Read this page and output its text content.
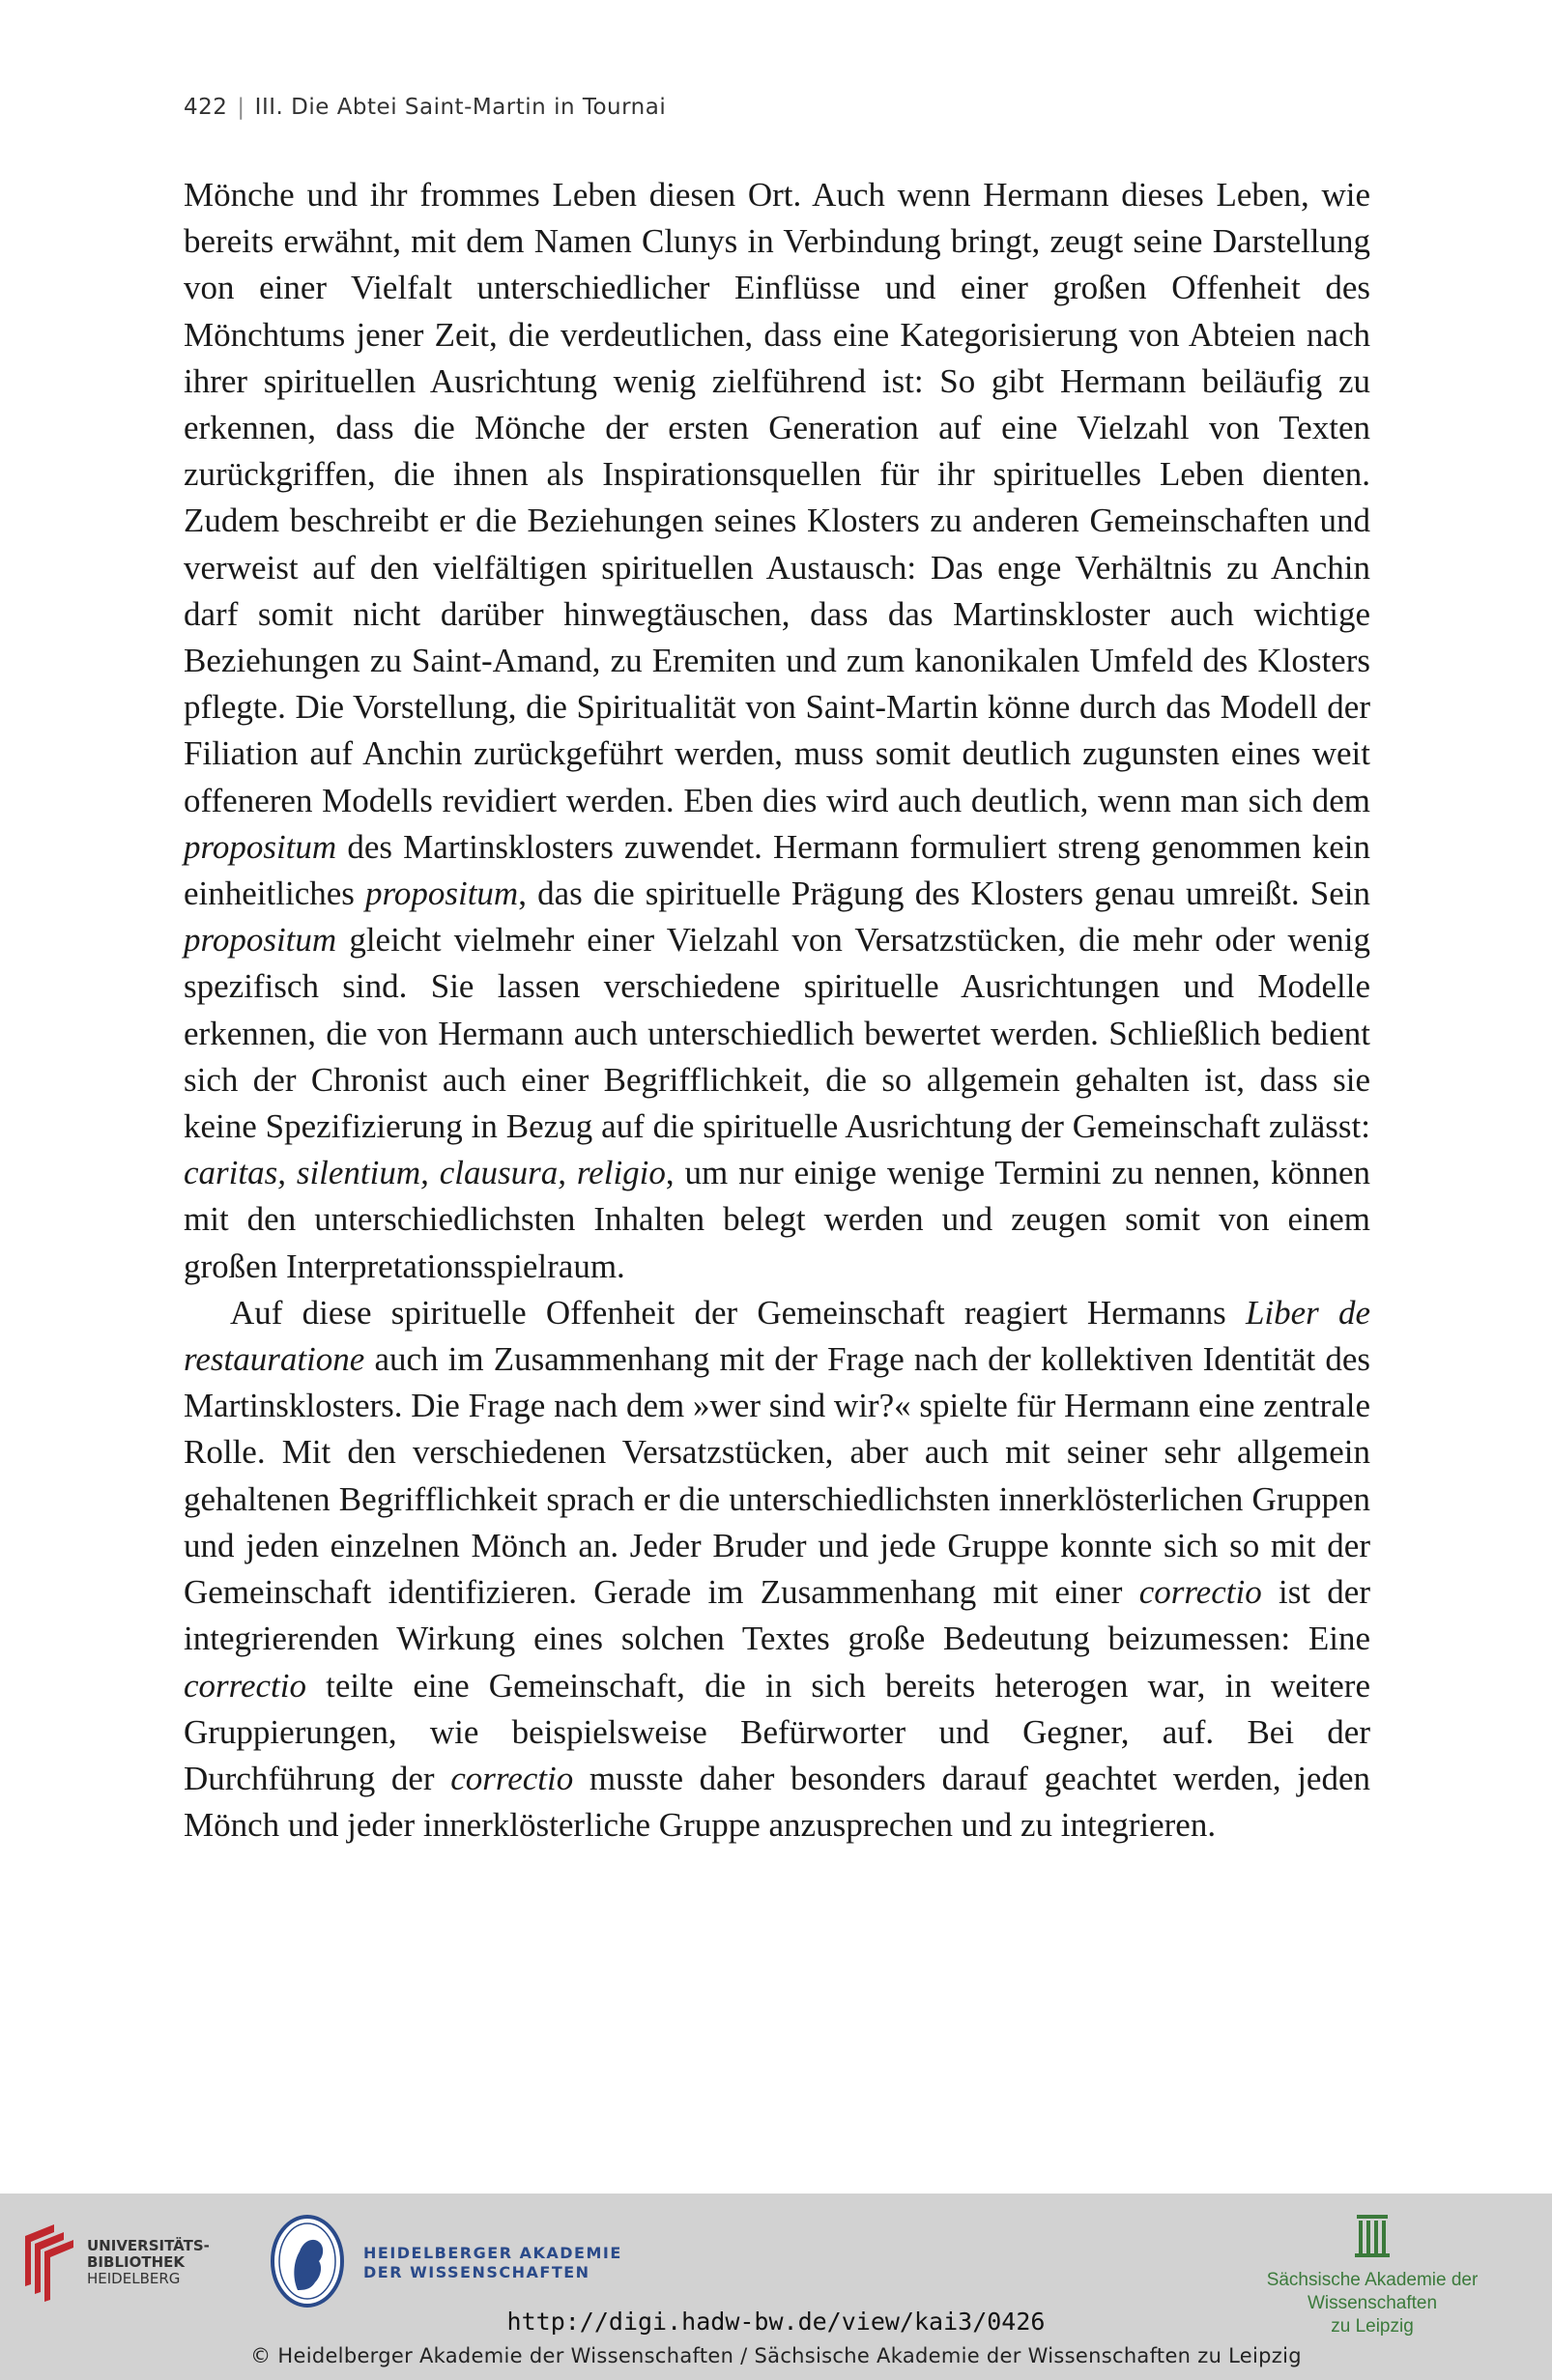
422 | III. Die Abtei Saint-Martin in Tournai

Mönche und ihr frommes Leben diesen Ort. Auch wenn Hermann dieses Leben, wie bereits erwähnt, mit dem Namen Clunys in Verbindung bringt, zeugt seine Darstellung von einer Vielfalt unterschiedlicher Einflüsse und einer großen Offenheit des Mönchtums jener Zeit, die verdeutlichen, dass eine Kategorisierung von Abteien nach ihrer spirituellen Ausrichtung wenig zielführend ist: So gibt Hermann beiläufig zu erkennen, dass die Mönche der ersten Generation auf eine Vielzahl von Texten zurückgriffen, die ihnen als Inspirationsquellen für ihr spirituelles Leben dienten. Zudem beschreibt er die Beziehungen seines Klosters zu anderen Gemeinschaften und verweist auf den vielfältigen spirituellen Austausch: Das enge Verhältnis zu Anchin darf somit nicht darüber hinwegtäuschen, dass das Martinskloster auch wichtige Beziehungen zu Saint-Amand, zu Eremiten und zum kanonikalen Umfeld des Klosters pflegte. Die Vorstellung, die Spiritualität von Saint-Martin könne durch das Modell der Filiation auf Anchin zurückgeführt werden, muss somit deutlich zugunsten eines weit offeneren Modells revidiert werden. Eben dies wird auch deutlich, wenn man sich dem propositum des Martinsklosters zuwendet. Hermann formuliert streng genommen kein einheitliches propositum, das die spirituelle Prägung des Klosters genau umreißt. Sein propositum gleicht vielmehr einer Vielzahl von Versatzstücken, die mehr oder wenig spezifisch sind. Sie lassen verschiedene spirituelle Ausrichtungen und Modelle erkennen, die von Hermann auch unterschiedlich bewertet werden. Schließlich bedient sich der Chronist auch einer Begrifflichkeit, die so allgemein gehalten ist, dass sie keine Spezifizierung in Bezug auf die spirituelle Ausrichtung der Gemeinschaft zulässt: caritas, silentium, clausura, religio, um nur einige wenige Termini zu nennen, können mit den unterschiedlichsten Inhalten belegt werden und zeugen somit von einem großen Interpretationsspielraum.

Auf diese spirituelle Offenheit der Gemeinschaft reagiert Hermanns Liber de restauratione auch im Zusammenhang mit der Frage nach der kollektiven Identität des Martinsklosters. Die Frage nach dem »wer sind wir?« spielte für Hermann eine zentrale Rolle. Mit den verschiedenen Versatzstücken, aber auch mit seiner sehr allgemein gehaltenen Begrifflichkeit sprach er die unterschiedlichsten innerklösterlichen Gruppen und jeden einzelnen Mönch an. Jeder Bruder und jede Gruppe konnte sich so mit der Gemeinschaft identifizieren. Gerade im Zusammenhang mit einer correctio ist der integrierenden Wirkung eines solchen Textes große Bedeutung beizumessen: Eine correctio teilte eine Gemeinschaft, die in sich bereits heterogen war, in weitere Gruppierungen, wie beispielsweise Befürworter und Gegner, auf. Bei der Durchführung der correctio musste daher besonders darauf geachtet werden, jeden Mönch und jeder innerklösterliche Gruppe anzusprechen und zu integrieren.

UNIVERSITÄTS-
BIBLIOTHEK
HEIDELBERG
HEIDELBERGER AKADEMIE
DER WISSENSCHAFTEN	Sächsische Akademie der Wissenschaften
zu Leipzig
http://digi.hadw-bw.de/view/kai3/0426
© Heidelberger Akademie der Wissenschaften / Sächsische Akademie der Wissenschaften zu Leipzig
